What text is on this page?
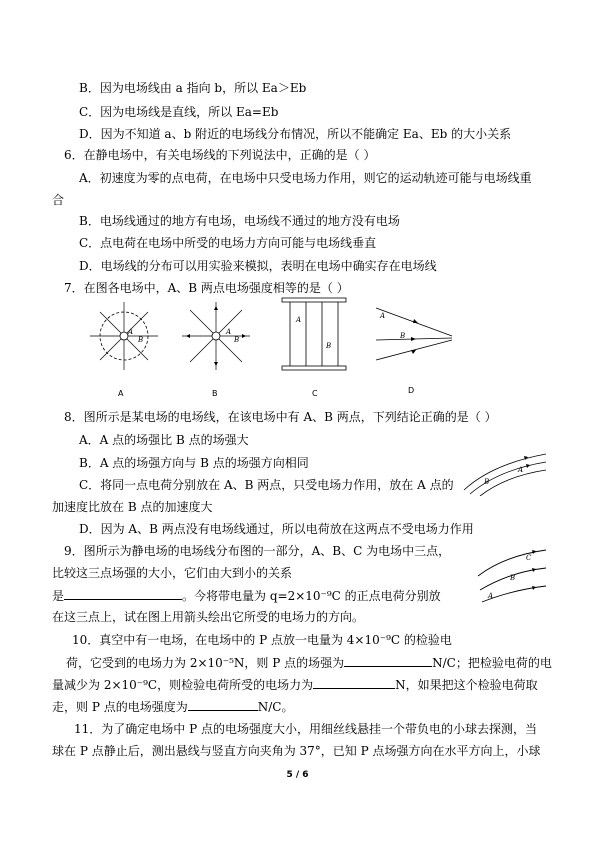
B．因为电场线由 a 指向 b，所以 Ea＞Eb
C．因为电场线是直线，所以 Ea=Eb
D．因为不知道 a、b 附近的电场线分布情况，所以不能确定 Ea、Eb 的大小关系
6．在静电场中，有关电场线的下列说法中，正确的是（ ）
A．初速度为零的点电荷，在电场中只受电场力作用，则它的运动轨迹可能与电场线重
合
B．电场线通过的地方有电场，电场线不通过的地方没有电场
C．点电荷在电场中所受的电场力方向可能与电场线垂直
D．电场线的分布可以用实验来模拟，表明在电场中确实存在电场线
7．在图各电场中，A、B 两点电场强度相等的是（ ）
A
B
A
A
B
B
A
B
C
A
B
D
8．图所示是某电场的电场线，在该电场中有 A、B 两点，下列结论正确的是（ ）
A．A 点的场强比 B 点的场强大
B．A 点的场强方向与 B 点的场强方向相同
C．将同一点电荷分别放在 A、B 两点，只受电场力作用，放在 A 点的
加速度比放在 B 点的加速度大
D．因为 A、B 两点没有电场线通过，所以电荷放在这两点不受电场力作用
A
B
9．图所示为静电场的电场线分布图的一部分，A、B、C 为电场中三点，
比较这三点场强的大小，它们由大到小的关系
是	。今将带电量为 q=2×10⁻⁹C 的正点电荷分别放
在这三点上，试在图上用箭头绘出它所受的电场力的方向。
C
B
A
10．真空中有一电场，在电场中的 P 点放一电量为 4×10⁻⁹C 的检验电
荷，它受到的电场力为 2×10⁻⁵N，则 P 点的场强为	N/C；把检验电荷的电
量减少为 2×10⁻⁹C，则检验电荷所受的电场力为	N，如果把这个检验电荷取
走，则 P 点的电场强度为	N/C。
11．为了确定电场中 P 点的电场强度大小，用细丝线悬挂一个带负电的小球去探测，当
球在 P 点静止后，测出悬线与竖直方向夹角为 37°，已知 P 点场强方向在水平方向上，小球
5 / 6
